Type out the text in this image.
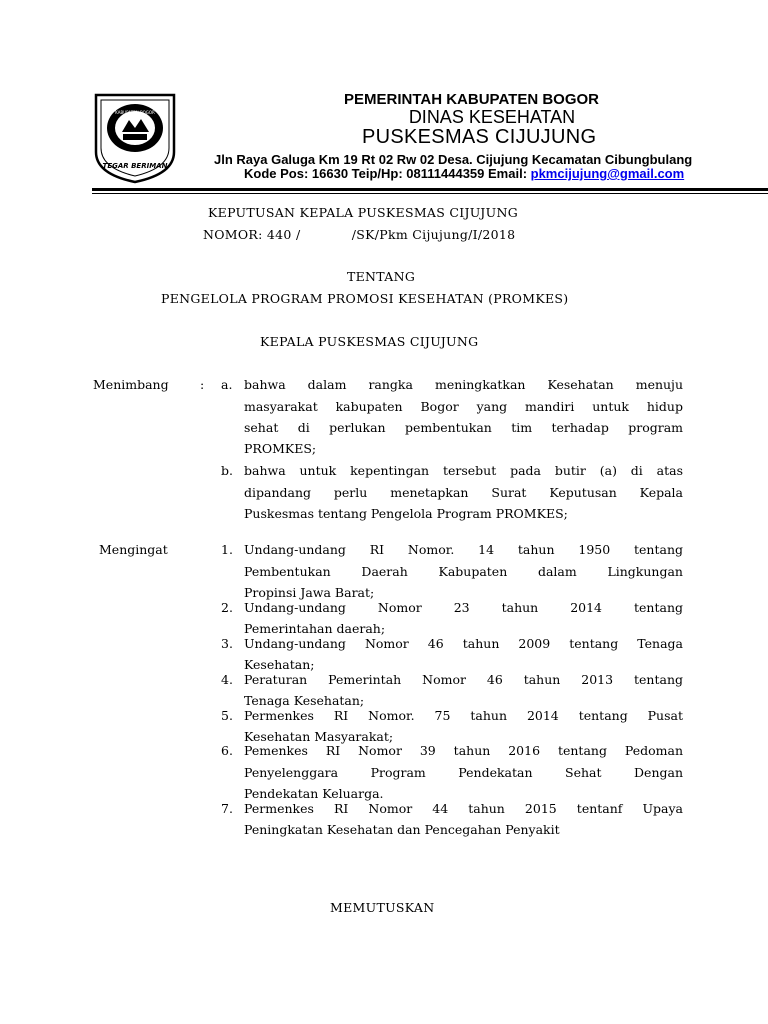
KABUPATEN BOGOR
TEGAR BERIMAN
PEMERINTAH KABUPATEN BOGOR
DINAS KESEHATAN
PUSKESMAS CIJUJUNG
Jln Raya Galuga Km 19 Rt 02 Rw 02 Desa. Cijujung Kecamatan Cibungbulang
Kode Pos: 16630 Teip/Hp: 08111444359 Email: pkmcijujung@gmail.com
KEPUTUSAN KEPALA PUSKESMAS CIJUJUNG
NOMOR: 440 /            /SK/Pkm Cijujung/I/2018
TENTANG
PENGELOLA PROGRAM PROMOSI KESEHATAN (PROMKES)
KEPALA PUSKESMAS CIJUJUNG
Menimbang	: a. bahwa dalam rangka meningkatkan Kesehatan menuju
masyarakat kabupaten Bogor yang mandiri untuk hidup
sehat di perlukan pembentukan tim terhadap program
PROMKES;
b. bahwa untuk kepentingan tersebut pada butir (a) di atas
dipandang perlu menetapkan Surat Keputusan Kepala
Puskesmas tentang Pengelola Program PROMKES;
Mengingat	1. Undang-undang RI Nomor. 14 tahun 1950 tentang
Pembentukan Daerah Kabupaten dalam Lingkungan
Propinsi Jawa Barat;
2. Undang-undang Nomor 23 tahun 2014 tentang
Pemerintahan daerah;
3. Undang-undang Nomor 46 tahun 2009 tentang Tenaga
Kesehatan;
4. Peraturan Pemerintah Nomor 46 tahun 2013 tentang
Tenaga Kesehatan;
5. Permenkes RI Nomor. 75 tahun 2014 tentang Pusat
Kesehatan Masyarakat;
6. Pemenkes RI Nomor 39 tahun 2016 tentang Pedoman
Penyelenggara Program Pendekatan Sehat Dengan
Pendekatan Keluarga.
7. Permenkes RI Nomor 44 tahun 2015 tentanf Upaya
Peningkatan Kesehatan dan Pencegahan Penyakit
MEMUTUSKAN
